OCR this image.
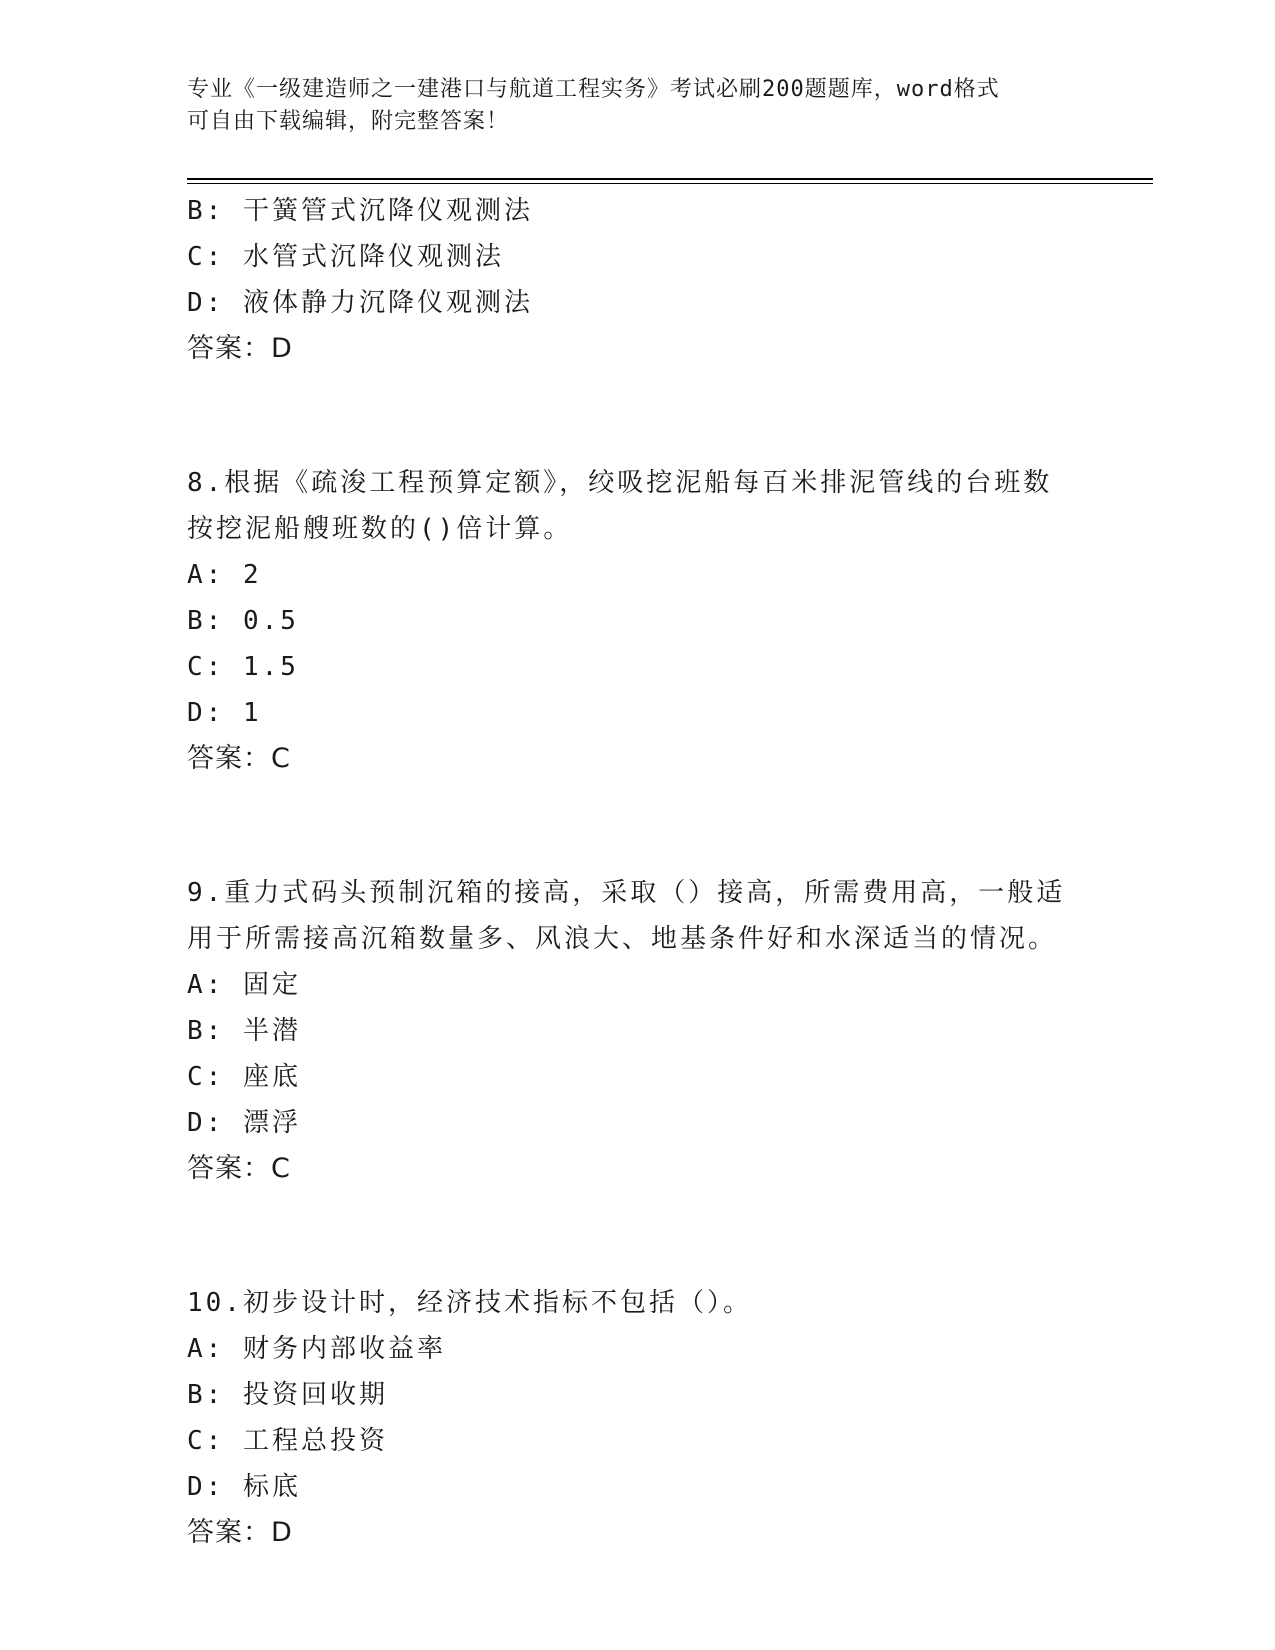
专业《一级建造师之一建港口与航道工程实务》考试必刷200题题库，word格式
可自由下载编辑，附完整答案！
B: 干簧管式沉降仪观测法
C: 水管式沉降仪观测法
D: 液体静力沉降仪观测法
答案：D
8.根据《疏浚工程预算定额》，绞吸挖泥船每百米排泥管线的台班数
按挖泥船艘班数的()倍计算。
A: 2
B: 0.5
C: 1.5
D: 1
答案：C
9.重力式码头预制沉箱的接高，采取（）接高，所需费用高，一般适
用于所需接高沉箱数量多、风浪大、地基条件好和水深适当的情况。
A: 固定
B: 半潜
C: 座底
D: 漂浮
答案：C
10.初步设计时，经济技术指标不包括（）。
A: 财务内部收益率
B: 投资回收期
C: 工程总投资
D: 标底
答案：D
